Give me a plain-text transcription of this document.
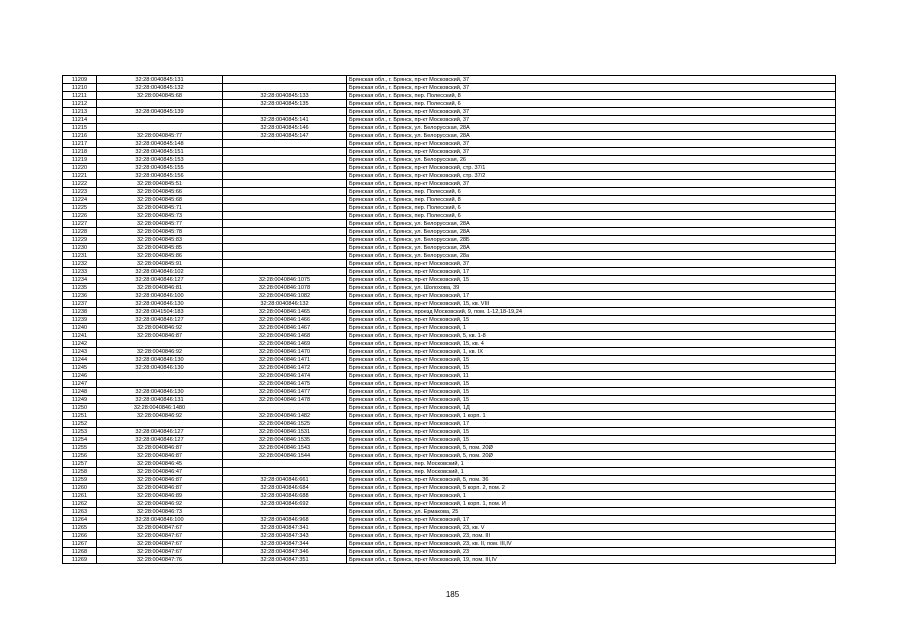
11209	32:28:0040845:131		Брянская обл., г. Брянск, пр-кт Московский, 37
11210	32:28:0040845:132		Брянская обл., г. Брянск, пр-кт Московский, 37
11211	32:28:0040845:68	32:28:0040845:133	Брянская обл., г. Брянск, пер. Полесский, 8
11212		32:28:0040845:135	Брянская обл., г. Брянск, пер. Полесский, 6
11213	32:28:0040845:139		Брянская обл., г. Брянск, пр-кт Московский, 37
11214		32:28:0040845:141	Брянская обл., г. Брянск, пр-кт Московский, 37
11215		32:28:0040845:146	Брянская обл., г. Брянск, ул. Белорусская, 28А
11216	32:28:0040845:77	32:28:0040845:147	Брянская обл., г. Брянск, ул. Белорусская, 28А
11217	32:28:0040845:148		Брянская обл., г. Брянск, пр-кт Московский, 37
11218	32:28:0040845:151		Брянская обл., г. Брянск, пр-кт Московский, 37
11219	32:28:0040845:153		Брянская обл., г. Брянск, ул. Белорусская, 26
11220	32:28:0040845:155		Брянская обл., г. Брянск, пр-кт Московский, стр. 37/1
11221	32:28:0040845:156		Брянская обл., г. Брянск, пр-кт Московский, стр. 37/2
11222	32:28:0040845:51		Брянская обл., г. Брянск, пр-кт Московский, 37
11223	32:28:0040845:66		Брянская обл., г. Брянск, пер. Полесский, 6
11224	32:28:0040845:68		Брянская обл., г. Брянск, пер. Полесский, 8
11225	32:28:0040845:71		Брянская обл., г. Брянск, пер. Полесский, 6
11226	32:28:0040845:73		Брянская обл., г. Брянск, пер. Полесский, 6
11227	32:28:0040845:77		Брянская обл., г. Брянск, ул. Белорусская, 28А
11228	32:28:0040845:78		Брянская обл., г. Брянск, ул. Белорусская, 28А
11229	32:28:0040845:83		Брянская обл., г. Брянск, ул. Белорусская, 28Б
11230	32:28:0040845:85		Брянская обл., г. Брянск, ул. Белорусская, 28А
11231	32:28:0040845:86		Брянская обл., г. Брянск, ул. Белорусская, 28а
11232	32:28:0040845:91		Брянская обл., г. Брянск, пр-кт Московский, 37
11233	32:28:0040846:102		Брянская обл., г. Брянск, пр-кт Московский, 17
11234	32:28:0040846:127	32:28:0040846:1075	Брянская обл., г. Брянск, пр-кт Московский, 15
11235	32:28:0040846:81	32:28:0040846:1078	Брянская обл., г. Брянск, ул. Шолохова, 39
11236	32:28:0040846:100	32:28:0040846:1082	Брянская обл., г. Брянск, пр-кт Московский, 17
11237	32:28:0040846:130	32:28:0040846:132	Брянская обл., г. Брянск, пр-кт Московский, 15, кв. VIII
11238	32:28:0041504:183	32:28:0040846:1465	Брянская обл., г. Брянск, проезд Московский, 9, пом. 1-12,18-19,24
11239	32:28:0040846:127	32:28:0040846:1466	Брянская обл., г. Брянск, пр-кт Московский, 15
11240	32:28:0040846:92	32:28:0040846:1467	Брянская обл., г. Брянск, пр-кт Московский, 1
11241	32:28:0040846:87	32:28:0040846:1468	Брянская обл., г. Брянск, пр-кт Московский, 5, кв. 1-8
11242		32:28:0040846:1469	Брянская обл., г. Брянск, пр-кт Московский, 15, кв. 4
11243	32:28:0040846:92	32:28:0040846:1470	Брянская обл., г. Брянск, пр-кт Московский, 1, кв. IX
11244	32:28:0040846:130	32:28:0040846:1471	Брянская обл., г. Брянск, пр-кт Московский, 15
11245	32:28:0040846:130	32:28:0040846:1472	Брянская обл., г. Брянск, пр-кт Московский, 15
11246		32:28:0040846:1474	Брянская обл., г. Брянск, пр-кт Московский, 11
11247		32:28:0040846:1475	Брянская обл., г. Брянск, пр-кт Московский, 15
11248	32:28:0040846:130	32:28:0040846:1477	Брянская обл., г. Брянск, пр-кт Московский, 15
11249	32:28:0040846:131	32:28:0040846:1478	Брянская обл., г. Брянск, пр-кт Московский, 15
11250	32:28:0040846:1480		Брянская обл., г. Брянск, пр-кт Московский, 1Д
11251	32:28:0040846:92	32:28:0040846:1482	Брянская обл., г. Брянск, пр-кт Московский, 1 корп. 1
11252		32:28:0040846:1525	Брянская обл., г. Брянск, пр-кт Московский, 17
11253	32:28:0040846:127	32:28:0040846:1531	Брянская обл., г. Брянск, пр-кт Московский, 15
11254	32:28:0040846:127	32:28:0040846:1535	Брянская обл., г. Брянск, пр-кт Московский, 15
11255	32:28:0040846:87	32:28:0040846:1543	Брянская обл., г. Брянск, пр-кт Московский, 5, пом. 20Ø
11256	32:28:0040846:87	32:28:0040846:1544	Брянская обл., г. Брянск, пр-кт Московский, 5, пом. 20Ø
11257	32:28:0040846:45		Брянская обл., г. Брянск, пер. Московский, 1
11258	32:28:0040846:47		Брянская обл., г. Брянск, пер. Московский, 1
11259	32:28:0040846:87	32:28:0040846:661	Брянская обл., г. Брянск, пр-кт Московский, 5, пом. 36
11260	32:28:0040846:87	32:28:0040846:684	Брянская обл., г. Брянск, пр-кт Московский, 5 корп. 2, пом. 2
11261	32:28:0040846:89	32:28:0040846:688	Брянская обл., г. Брянск, пр-кт Московский, 1
11262	32:28:0040846:92	32:28:0040846:692	Брянская обл., г. Брянск, пр-кт Московский, 1 корп. 1, пом. И
11263	32:28:0040846:73		Брянская обл., г. Брянск, ул. Ермакова, 25
11264	32:28:0040846:100	32:28:0040846:968	Брянская обл., г. Брянск, пр-кт Московский, 17
11265	32:28:0040847:67	32:28:0040847:341	Брянская обл., г. Брянск, пр-кт Московский, 23, кв. V
11266	32:28:0040847:67	32:28:0040847:343	Брянская обл., г. Брянск, пр-кт Московский, 23, пом. III
11267	32:28:0040847:67	32:28:0040847:344	Брянская обл., г. Брянск, пр-кт Московский, 23, кв. II, пом. III,IV
11268	32:28:0040847:67	32:28:0040847:346	Брянская обл., г. Брянск, пр-кт Московский, 23
11269	32:28:0040847:76	32:28:0040847:351	Брянская обл., г. Брянск, пр-кт Московский, 19, пом. III,IV
185
